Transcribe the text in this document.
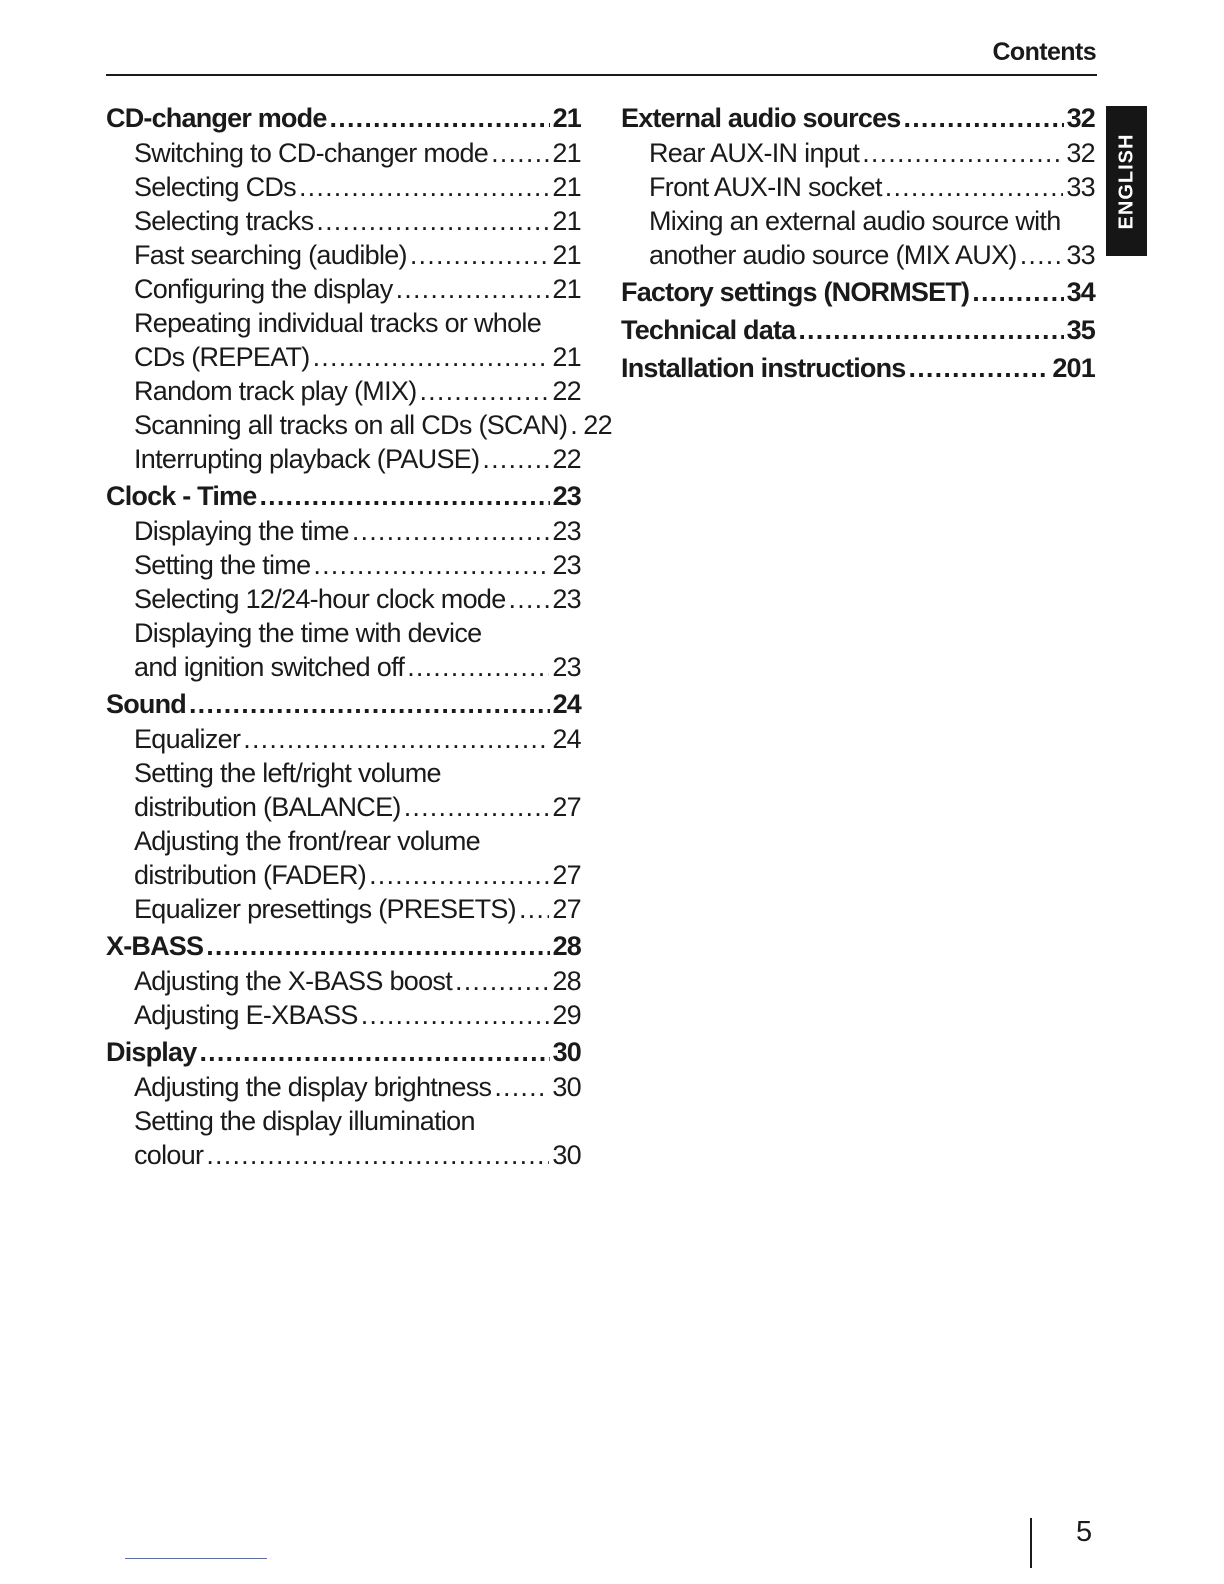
Contents
ENGLISH
CD-changer mode .....	21
Switching to CD-changer mode ..... 21
Selecting CDs .....	21
Selecting tracks .....	21
Fast searching (audible) .....	21
Configuring the display .....	21
Repeating individual tracks or whole
CDs (REPEAT) .....	21
Random track play (MIX) .....	22
Scanning all tracks on all CDs (SCAN) ..... 22
Interrupting playback (PAUSE) .....	22
Clock - Time .....	23
Displaying the time .....	23
Setting the time .....	23
Selecting 12/24-hour clock mode ..... 23
Displaying the time with device
and ignition switched off .....	23
Sound .....	24
Equalizer .....	24
Setting the left/right volume
distribution (BALANCE) .....	27
Adjusting the front/rear volume
distribution (FADER) .....	27
Equalizer presettings (PRESETS) ..... 27
X-BASS .....	28
Adjusting the X-BASS boost .....	28
Adjusting E-XBASS .....	29
Display .....	30
Adjusting the display brightness ..... 30
Setting the display illumination
colour .....	30
External audio sources .....	32
Rear AUX-IN input .....	32
Front AUX-IN socket .....	33
Mixing an external audio source with
another audio source (MIX AUX) ..... 33
Factory settings (NORMSET) .....	34
Technical data .....	35
Installation instructions .....	201
5
